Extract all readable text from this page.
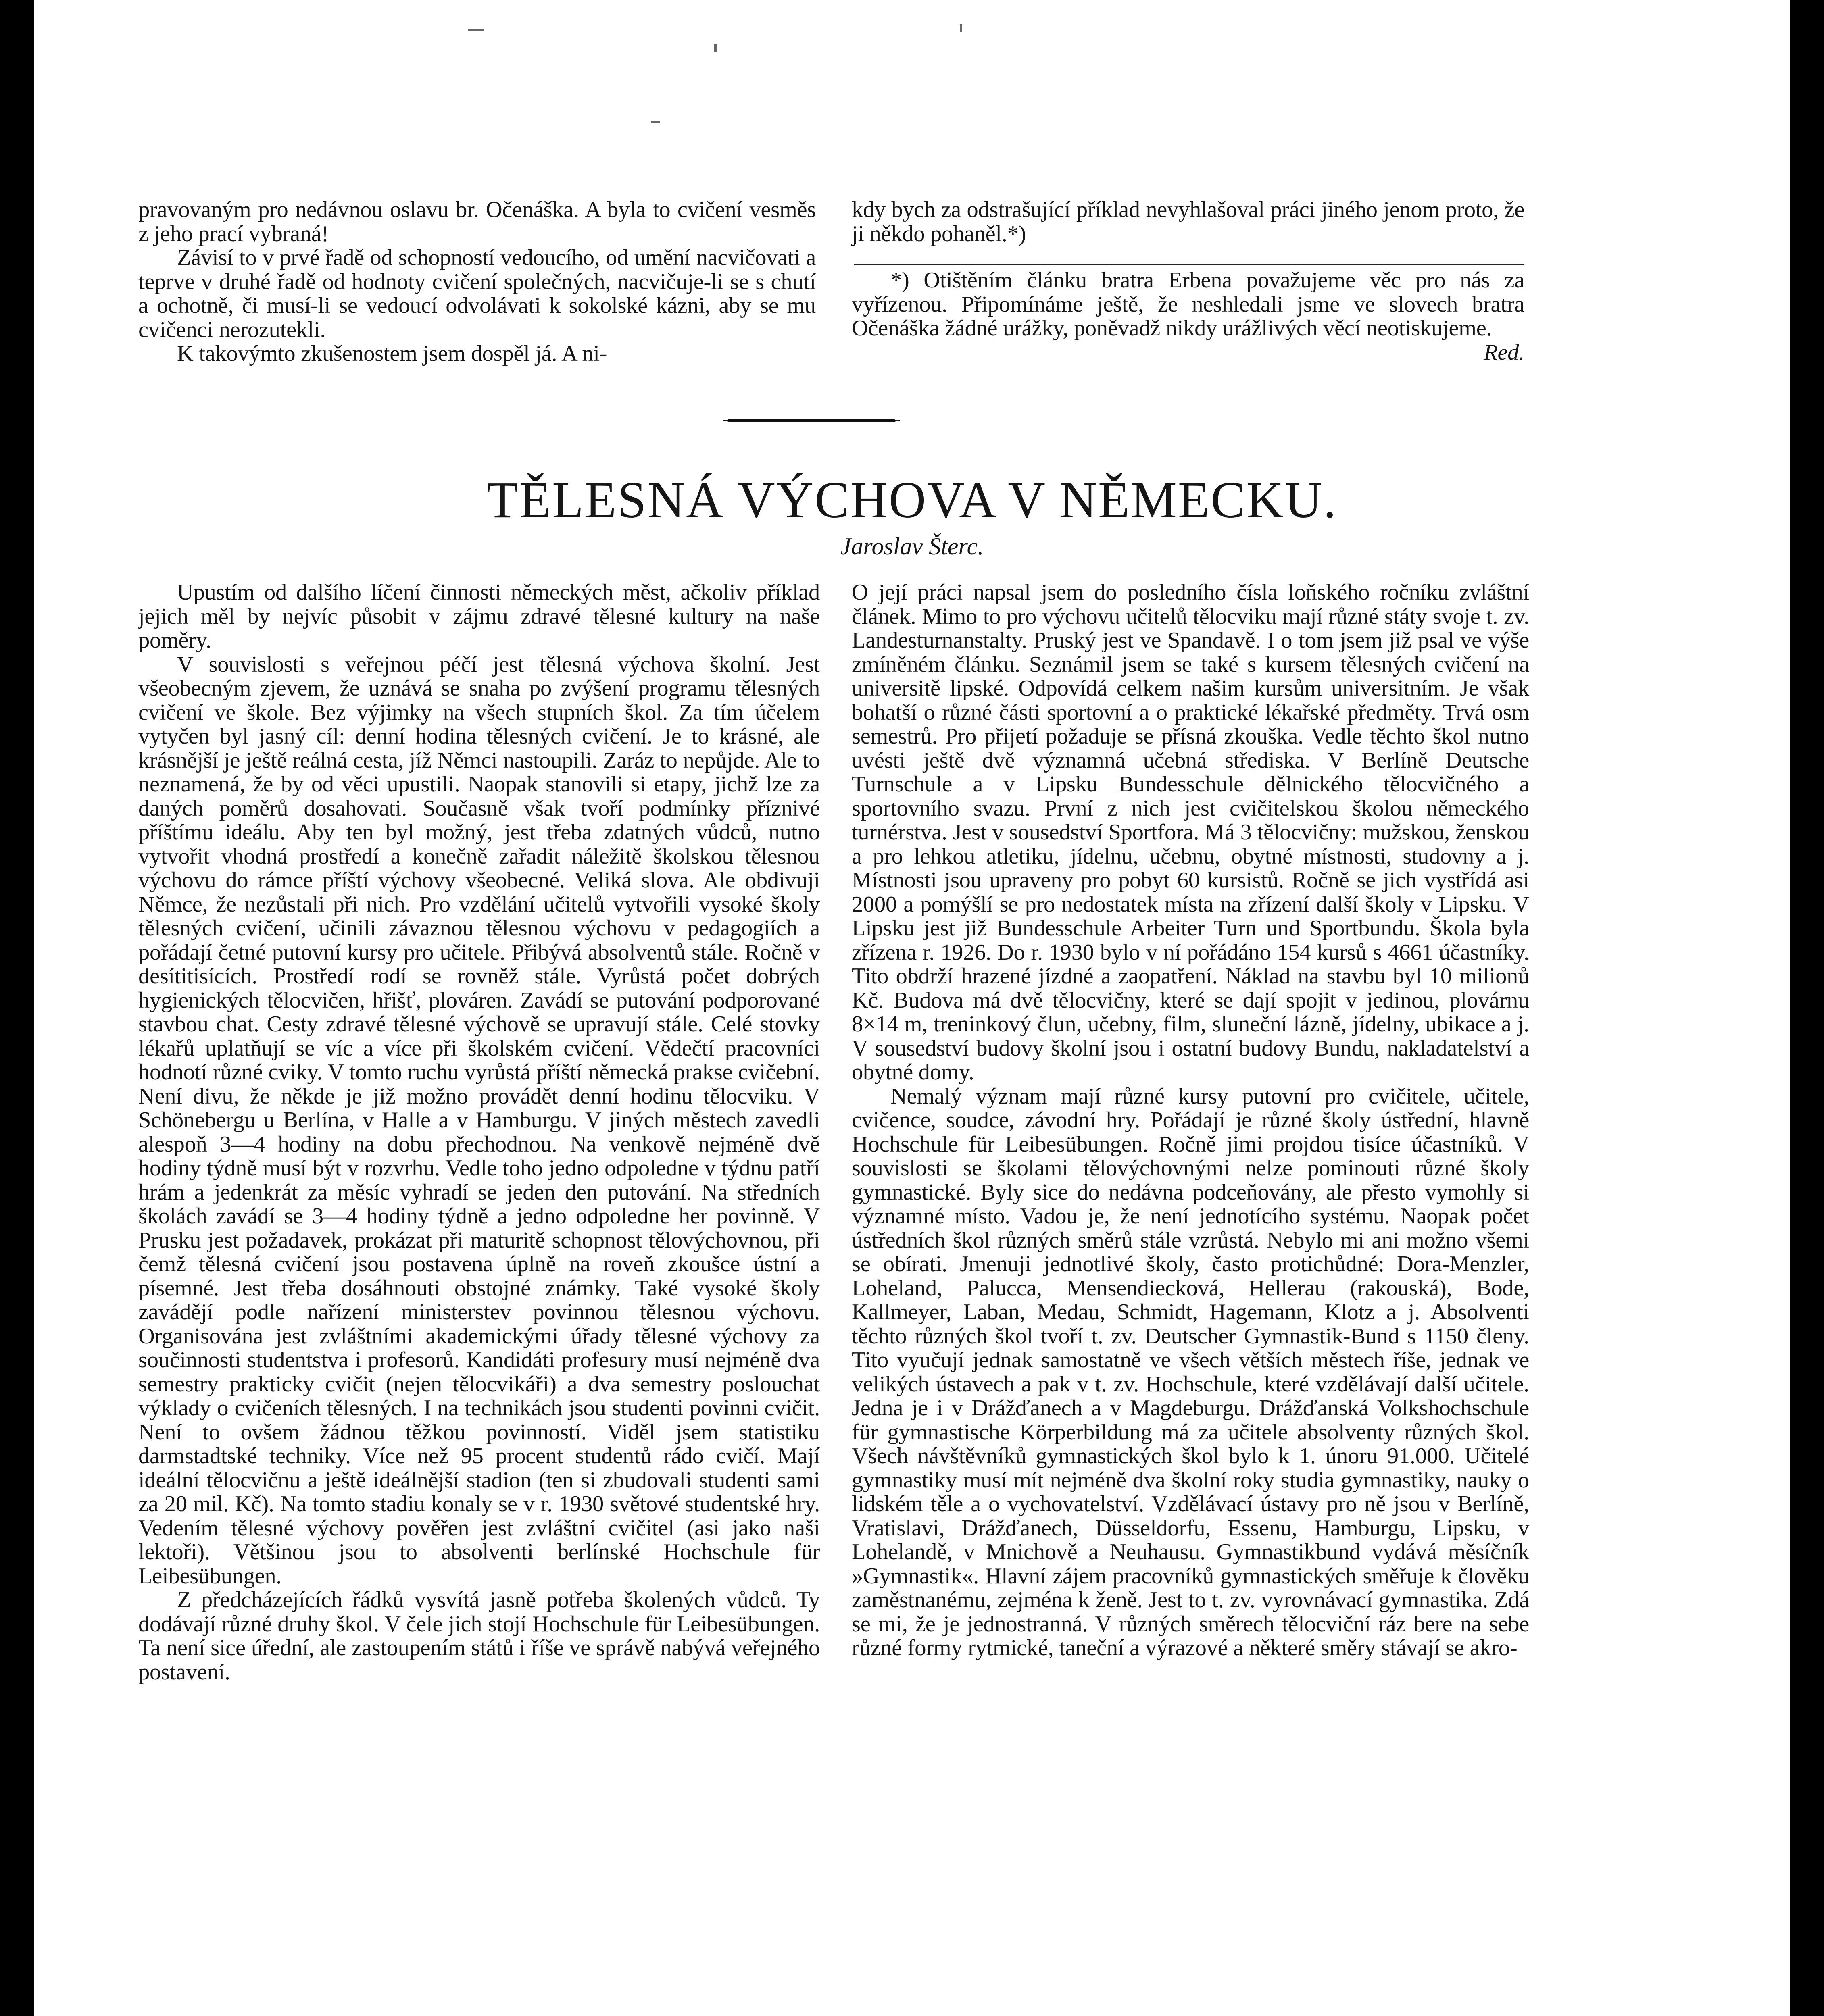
pravovaným pro nedávnou oslavu br. Očenáška. A byla to cvičení vesměs z jeho prací vybraná!

Závisí to v prvé řadě od schopností vedoucího, od umění nacvičovati a teprve v druhé řadě od hodnoty cvičení společných, nacvičuje-li se s chutí a ochotně, či musí-li se vedoucí odvolávati k sokolské kázni, aby se mu cvičenci nerozutekli.

K takovýmto zkušenostem jsem dospěl já. A ni-

kdy bych za odstrašující příklad nevyhlašoval práci jiného jenom proto, že ji někdo pohaněl.*)

*) Otištěním článku bratra Erbena považujeme věc pro nás za vyřízenou. Připomínáme ještě, že neshledali jsme ve slovech bratra Očenáška žádné urážky, poněvadž nikdy urážlivých věcí neotiskujeme.
Red.

TĚLESNÁ VÝCHOVA V NĚMECKU.

Jaroslav Šterc.

Upustím od dalšího líčení činnosti německých měst, ačkoliv příklad jejich měl by nejvíc působit v zájmu zdravé tělesné kultury na naše poměry.

V souvislosti s veřejnou péčí jest tělesná výchova školní. Jest všeobecným zjevem, že uznává se snaha po zvýšení programu tělesných cvičení ve škole. Bez výjimky na všech stupních škol. Za tím účelem vytyčen byl jasný cíl: denní hodina tělesných cvičení. Je to krásné, ale krásnější je ještě reálná cesta, jíž Němci nastoupili. Zaráz to nepůjde. Ale to neznamená, že by od věci upustili. Naopak stanovili si etapy, jichž lze za daných poměrů dosahovati. Současně však tvoří podmínky příznivé příštímu ideálu. Aby ten byl možný, jest třeba zdatných vůdců, nutno vytvořit vhodná prostředí a konečně zařadit náležitě školskou tělesnou výchovu do rámce příští výchovy všeobecné. Veliká slova. Ale obdivuji Němce, že nezůstali při nich. Pro vzdělání učitelů vytvořili vysoké školy tělesných cvičení, učinili závaznou tělesnou výchovu v pedagogiích a pořádají četné putovní kursy pro učitele. Přibývá absolventů stále. Ročně v desítitisících. Prostředí rodí se rovněž stále. Vyrůstá počet dobrých hygienických tělocvičen, hřišť, plováren. Zavádí se putování podporované stavbou chat. Cesty zdravé tělesné výchově se upravují stále. Celé stovky lékařů uplatňují se víc a více při školském cvičení. Vědečtí pracovníci hodnotí různé cviky. V tomto ruchu vyrůstá příští německá prakse cvičební. Není divu, že někde je již možno provádět denní hodinu tělocviku. V Schönebergu u Berlína, v Halle a v Hamburgu. V jiných městech zavedli alespoň 3—4 hodiny na dobu přechodnou. Na venkově nejméně dvě hodiny týdně musí být v rozvrhu. Vedle toho jedno odpoledne v týdnu patří hrám a jedenkrát za měsíc vyhradí se jeden den putování. Na středních školách zavádí se 3—4 hodiny týdně a jedno odpoledne her povinně. V Prusku jest požadavek, prokázat při maturitě schopnost tělovýchovnou, při čemž tělesná cvičení jsou postavena úplně na roveň zkoušce ústní a písemné. Jest třeba dosáhnouti obstojné známky. Také vysoké školy zavádějí podle nařízení ministerstev povinnou tělesnou výchovu. Organisována jest zvláštními akademickými úřady tělesné výchovy za součinnosti studentstva i profesorů. Kandidáti profesury musí nejméně dva semestry prakticky cvičit (nejen tělocvikáři) a dva semestry poslouchat výklady o cvičeních tělesných. I na technikách jsou studenti povinni cvičit. Není to ovšem žádnou těžkou povinností. Viděl jsem statistiku darmstadtské techniky. Více než 95 procent studentů rádo cvičí. Mají ideální tělocvičnu a ještě ideálnější stadion (ten si zbudovali studenti sami za 20 mil. Kč). Na tomto stadiu konaly se v r. 1930 světové studentské hry. Vedením tělesné výchovy pověřen jest zvláštní cvičitel (asi jako naši lektoři). Většinou jsou to absolventi berlínské Hochschule für Leibesübungen.

Z předcházejících řádků vysvítá jasně potřeba školených vůdců. Ty dodávají různé druhy škol. V čele jich stojí Hochschule für Leibesübungen. Ta není sice úřední, ale zastoupením států i říše ve správě nabývá veřejného postavení.

O její práci napsal jsem do posledního čísla loňského ročníku zvláštní článek. Mimo to pro výchovu učitelů tělocviku mají různé státy svoje t. zv. Landesturnanstalty. Pruský jest ve Spandavě. I o tom jsem již psal ve výše zmíněném článku. Seznámil jsem se také s kursem tělesných cvičení na universitě lipské. Odpovídá celkem našim kursům universitním. Je však bohatší o různé části sportovní a o praktické lékařské předměty. Trvá osm semestrů. Pro přijetí požaduje se přísná zkouška. Vedle těchto škol nutno uvésti ještě dvě významná učebná střediska. V Berlíně Deutsche Turnschule a v Lipsku Bundesschule dělnického tělocvičného a sportovního svazu. První z nich jest cvičitelskou školou německého turnérstva. Jest v sousedství Sportfora. Má 3 tělocvičny: mužskou, ženskou a pro lehkou atletiku, jídelnu, učebnu, obytné místnosti, studovny a j. Místnosti jsou upraveny pro pobyt 60 kursistů. Ročně se jich vystřídá asi 2000 a pomýšlí se pro nedostatek místa na zřízení další školy v Lipsku. V Lipsku jest již Bundesschule Arbeiter Turn und Sportbundu. Škola byla zřízena r. 1926. Do r. 1930 bylo v ní pořádáno 154 kursů s 4661 účastníky. Tito obdrží hrazené jízdné a zaopatření. Náklad na stavbu byl 10 milionů Kč. Budova má dvě tělocvičny, které se dají spojit v jedinou, plovárnu 8×14 m, treninkový člun, učebny, film, sluneční lázně, jídelny, ubikace a j. V sousedství budovy školní jsou i ostatní budovy Bundu, nakladatelství a obytné domy.

Nemalý význam mají různé kursy putovní pro cvičitele, učitele, cvičence, soudce, závodní hry. Pořádají je různé školy ústřední, hlavně Hochschule für Leibesübungen. Ročně jimi projdou tisíce účastníků. V souvislosti se školami tělovýchovnými nelze pominouti různé školy gymnastické. Byly sice do nedávna podceňovány, ale přesto vymohly si významné místo. Vadou je, že není jednotícího systému. Naopak počet ústředních škol různých směrů stále vzrůstá. Nebylo mi ani možno všemi se obírati. Jmenuji jednotlivé školy, často protichůdné: Dora-Menzler, Loheland, Palucca, Mensendiecková, Hellerau (rakouská), Bode, Kallmeyer, Laban, Medau, Schmidt, Hagemann, Klotz a j. Absolventi těchto různých škol tvoří t. zv. Deutscher Gymnastik-Bund s 1150 členy. Tito vyučují jednak samostatně ve všech větších městech říše, jednak ve velikých ústavech a pak v t. zv. Hochschule, které vzdělávají další učitele. Jedna je i v Drážďanech a v Magdeburgu. Drážďanská Volkshochschule für gymnastische Körperbildung má za učitele absolventy různých škol. Všech návštěvníků gymnastických škol bylo k 1. únoru 91.000. Učitelé gymnastiky musí mít nejméně dva školní roky studia gymnastiky, nauky o lidském těle a o vychovatelství. Vzdělávací ústavy pro ně jsou v Berlíně, Vratislavi, Drážďanech, Düsseldorfu, Essenu, Hamburgu, Lipsku, v Lohelandě, v Mnichově a Neuhausu. Gymnastikbund vydává měsíčník »Gymnastik«. Hlavní zájem pracovníků gymnastických směřuje k člověku zaměstnanému, zejména k ženě. Jest to t. zv. vyrovnávací gymnastika. Zdá se mi, že je jednostranná. V různých směrech tělocviční ráz bere na sebe různé formy rytmické, taneční a výrazové a některé směry stávají se akro-
